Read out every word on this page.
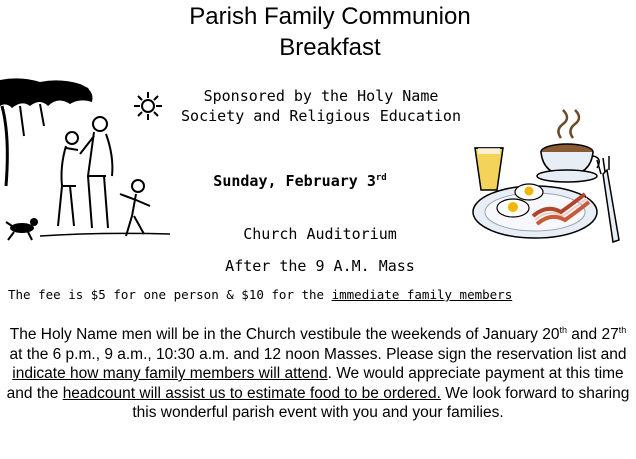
Parish Family Communion
Breakfast
Sponsored by the Holy Name
Society and Religious Education
Sunday, February 3rd
Church Auditorium
After the 9 A.M. Mass
The fee is $5 for one person & $10 for the immediate family members
The Holy Name men will be in the Church vestibule the weekends of January 20th and 27th at the 6 p.m., 9 a.m., 10:30 a.m. and 12 noon Masses. Please sign the reservation list and indicate how many family members will attend. We would appreciate payment at this time and the headcount will assist us to estimate food to be ordered. We look forward to sharing this wonderful parish event with you and your families.
